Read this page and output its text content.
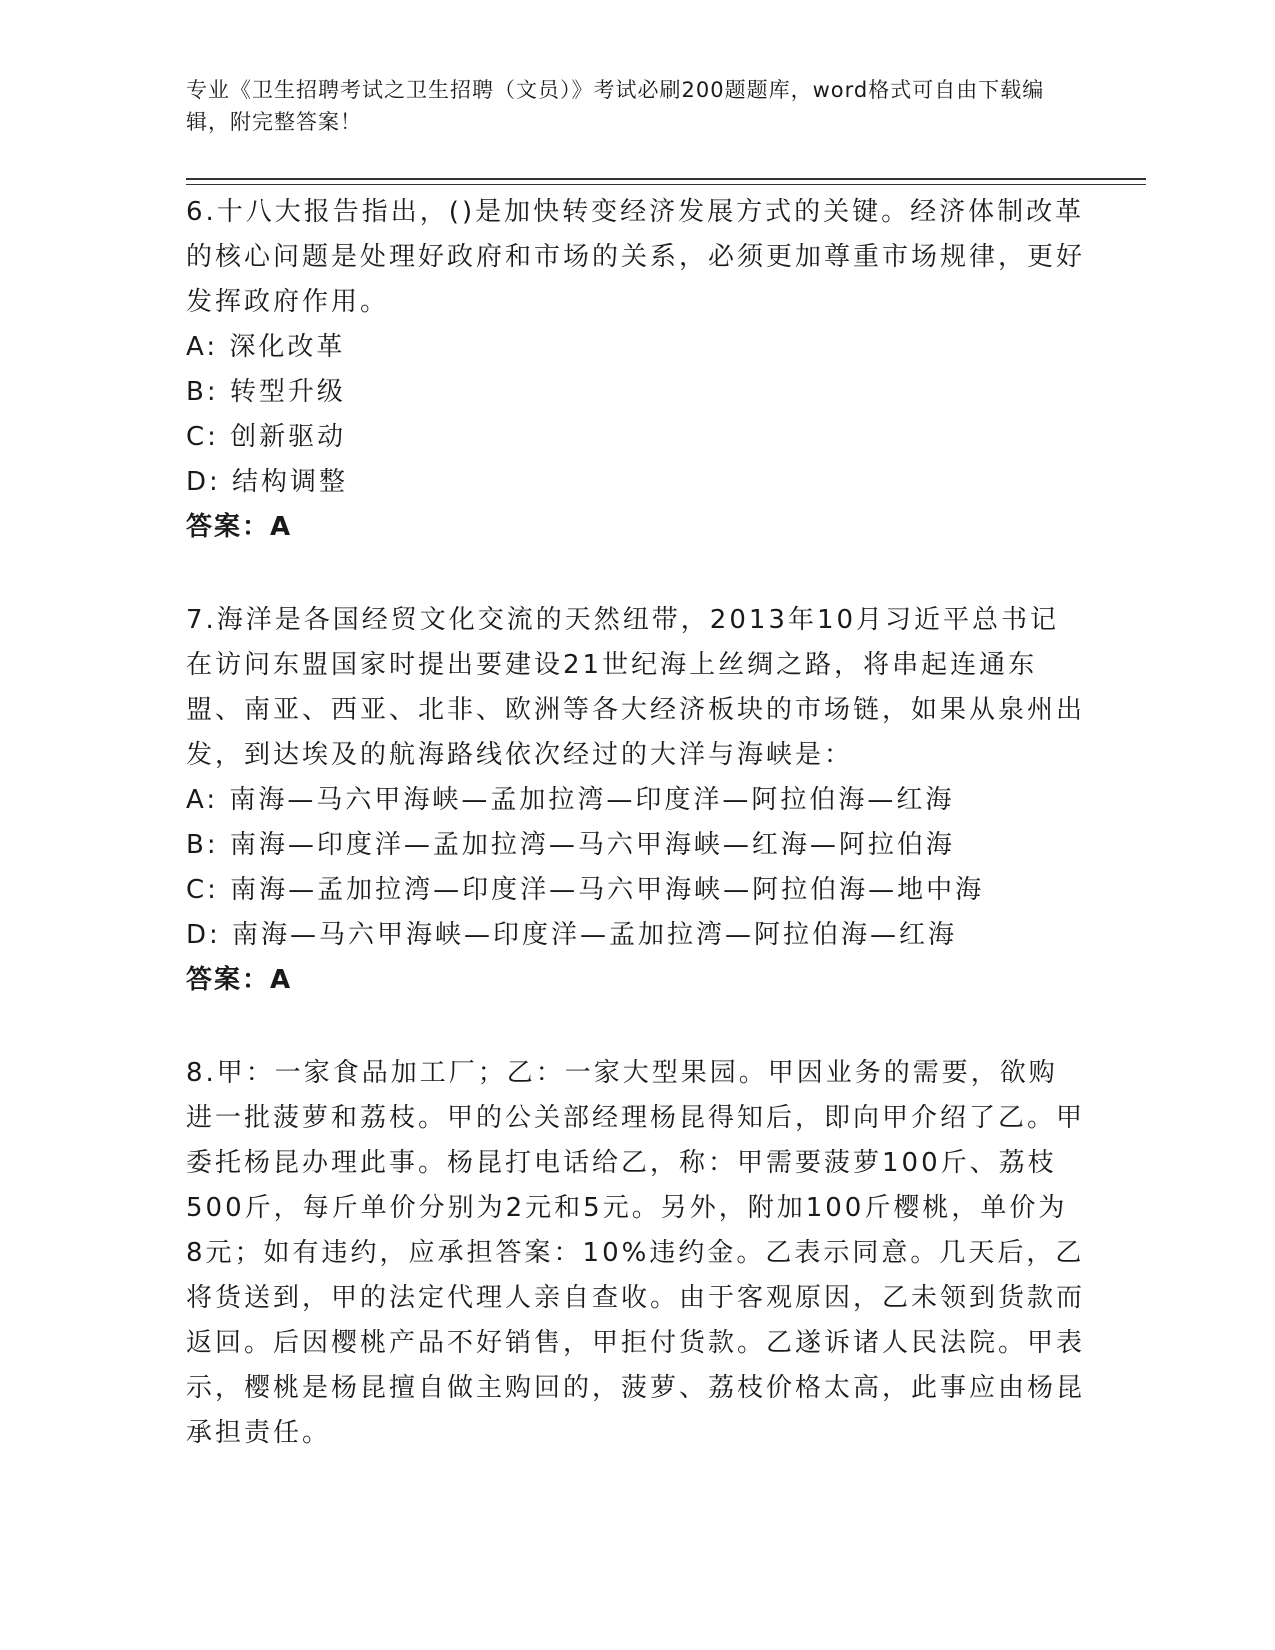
专业《卫生招聘考试之卫生招聘（文员）》考试必刷200题题库，word格式可自由下载编辑，附完整答案！

6.十八大报告指出，()是加快转变经济发展方式的关键。经济体制改革的核心问题是处理好政府和市场的关系，必须更加尊重市场规律，更好发挥政府作用。

A: 深化改革

B: 转型升级

C: 创新驱动

D: 结构调整

答案：A

7.海洋是各国经贸文化交流的天然纽带，2013年10月习近平总书记在访问东盟国家时提出要建设21世纪海上丝绸之路，将串起连通东盟、南亚、西亚、北非、欧洲等各大经济板块的市场链，如果从泉州出发，到达埃及的航海路线依次经过的大洋与海峡是：

A: 南海—马六甲海峡—孟加拉湾—印度洋—阿拉伯海—红海

B: 南海—印度洋—孟加拉湾—马六甲海峡—红海—阿拉伯海

C: 南海—孟加拉湾—印度洋—马六甲海峡—阿拉伯海—地中海

D: 南海—马六甲海峡—印度洋—孟加拉湾—阿拉伯海—红海

答案：A

8.甲：一家食品加工厂；乙：一家大型果园。甲因业务的需要，欲购进一批菠萝和荔枝。甲的公关部经理杨昆得知后，即向甲介绍了乙。甲委托杨昆办理此事。杨昆打电话给乙，称：甲需要菠萝100斤、荔枝500斤，每斤单价分别为2元和5元。另外，附加100斤樱桃，单价为8元；如有违约，应承担答案：10%违约金。乙表示同意。几天后，乙将货送到，甲的法定代理人亲自查收。由于客观原因，乙未领到货款而返回。后因樱桃产品不好销售，甲拒付货款。乙遂诉诸人民法院。甲表示，樱桃是杨昆擅自做主购回的，菠萝、荔枝价格太高，此事应由杨昆承担责任。
